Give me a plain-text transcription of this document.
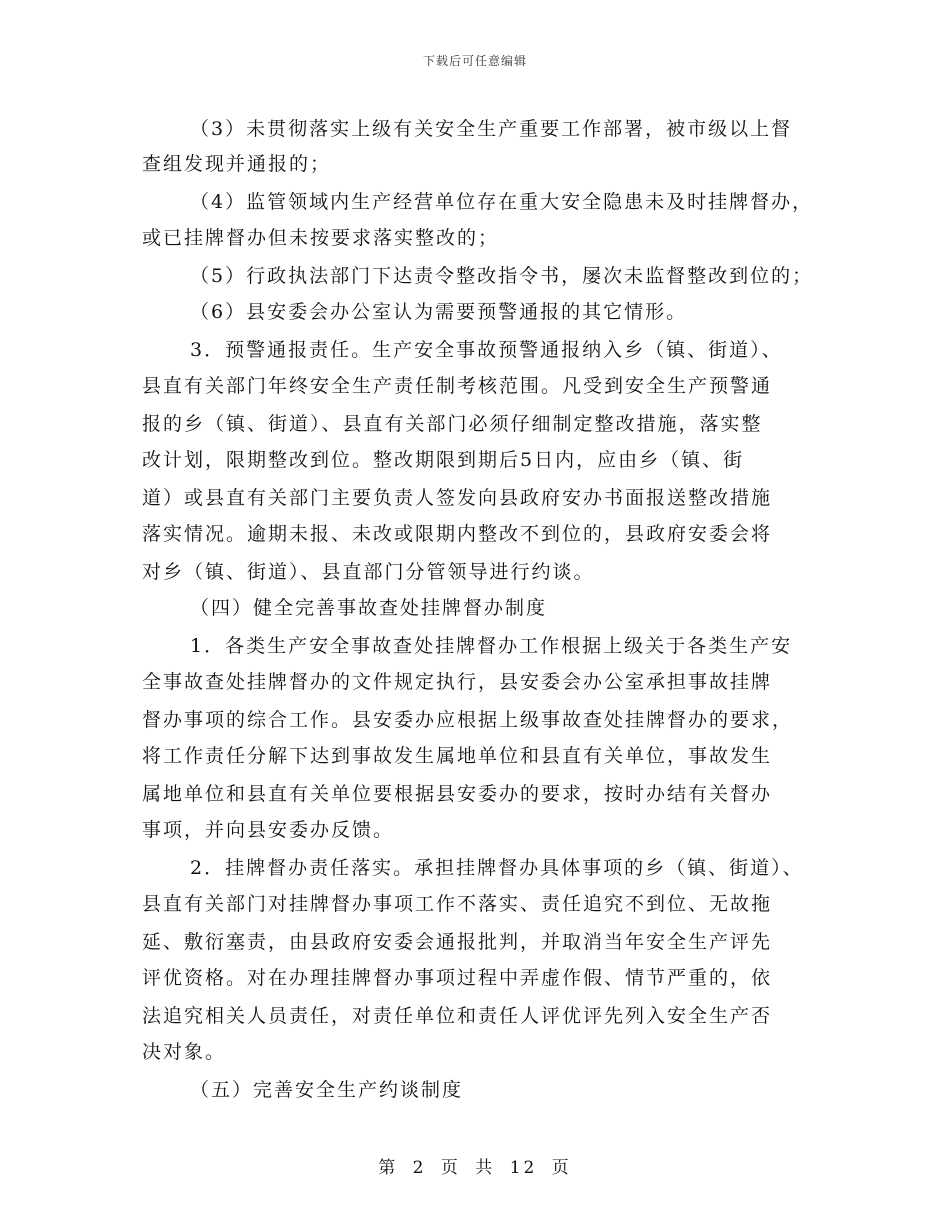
下载后可任意编辑
（3）未贯彻落实上级有关安全生产重要工作部署，被市级以上督
查组发现并通报的；
（4）监管领域内生产经营单位存在重大安全隐患未及时挂牌督办，
或已挂牌督办但未按要求落实整改的；
（5）行政执法部门下达责令整改指令书，屡次未监督整改到位的；
（6）县安委会办公室认为需要预警通报的其它情形。
3．预警通报责任。生产安全事故预警通报纳入乡（镇、街道）、
县直有关部门年终安全生产责任制考核范围。凡受到安全生产预警通
报的乡（镇、街道）、县直有关部门必须仔细制定整改措施，落实整
改计划，限期整改到位。整改期限到期后5日内，应由乡（镇、街
道）或县直有关部门主要负责人签发向县政府安办书面报送整改措施
落实情况。逾期未报、未改或限期内整改不到位的，县政府安委会将
对乡（镇、街道）、县直部门分管领导进行约谈。
（四）健全完善事故查处挂牌督办制度
1．各类生产安全事故查处挂牌督办工作根据上级关于各类生产安
全事故查处挂牌督办的文件规定执行，县安委会办公室承担事故挂牌
督办事项的综合工作。县安委办应根据上级事故查处挂牌督办的要求，
将工作责任分解下达到事故发生属地单位和县直有关单位，事故发生
属地单位和县直有关单位要根据县安委办的要求，按时办结有关督办
事项，并向县安委办反馈。
2．挂牌督办责任落实。承担挂牌督办具体事项的乡（镇、街道）、
县直有关部门对挂牌督办事项工作不落实、责任追究不到位、无故拖
延、敷衍塞责，由县政府安委会通报批判，并取消当年安全生产评先
评优资格。对在办理挂牌督办事项过程中弄虚作假、情节严重的，依
法追究相关人员责任，对责任单位和责任人评优评先列入安全生产否
决对象。
（五）完善安全生产约谈制度
第 2 页 共 12 页
